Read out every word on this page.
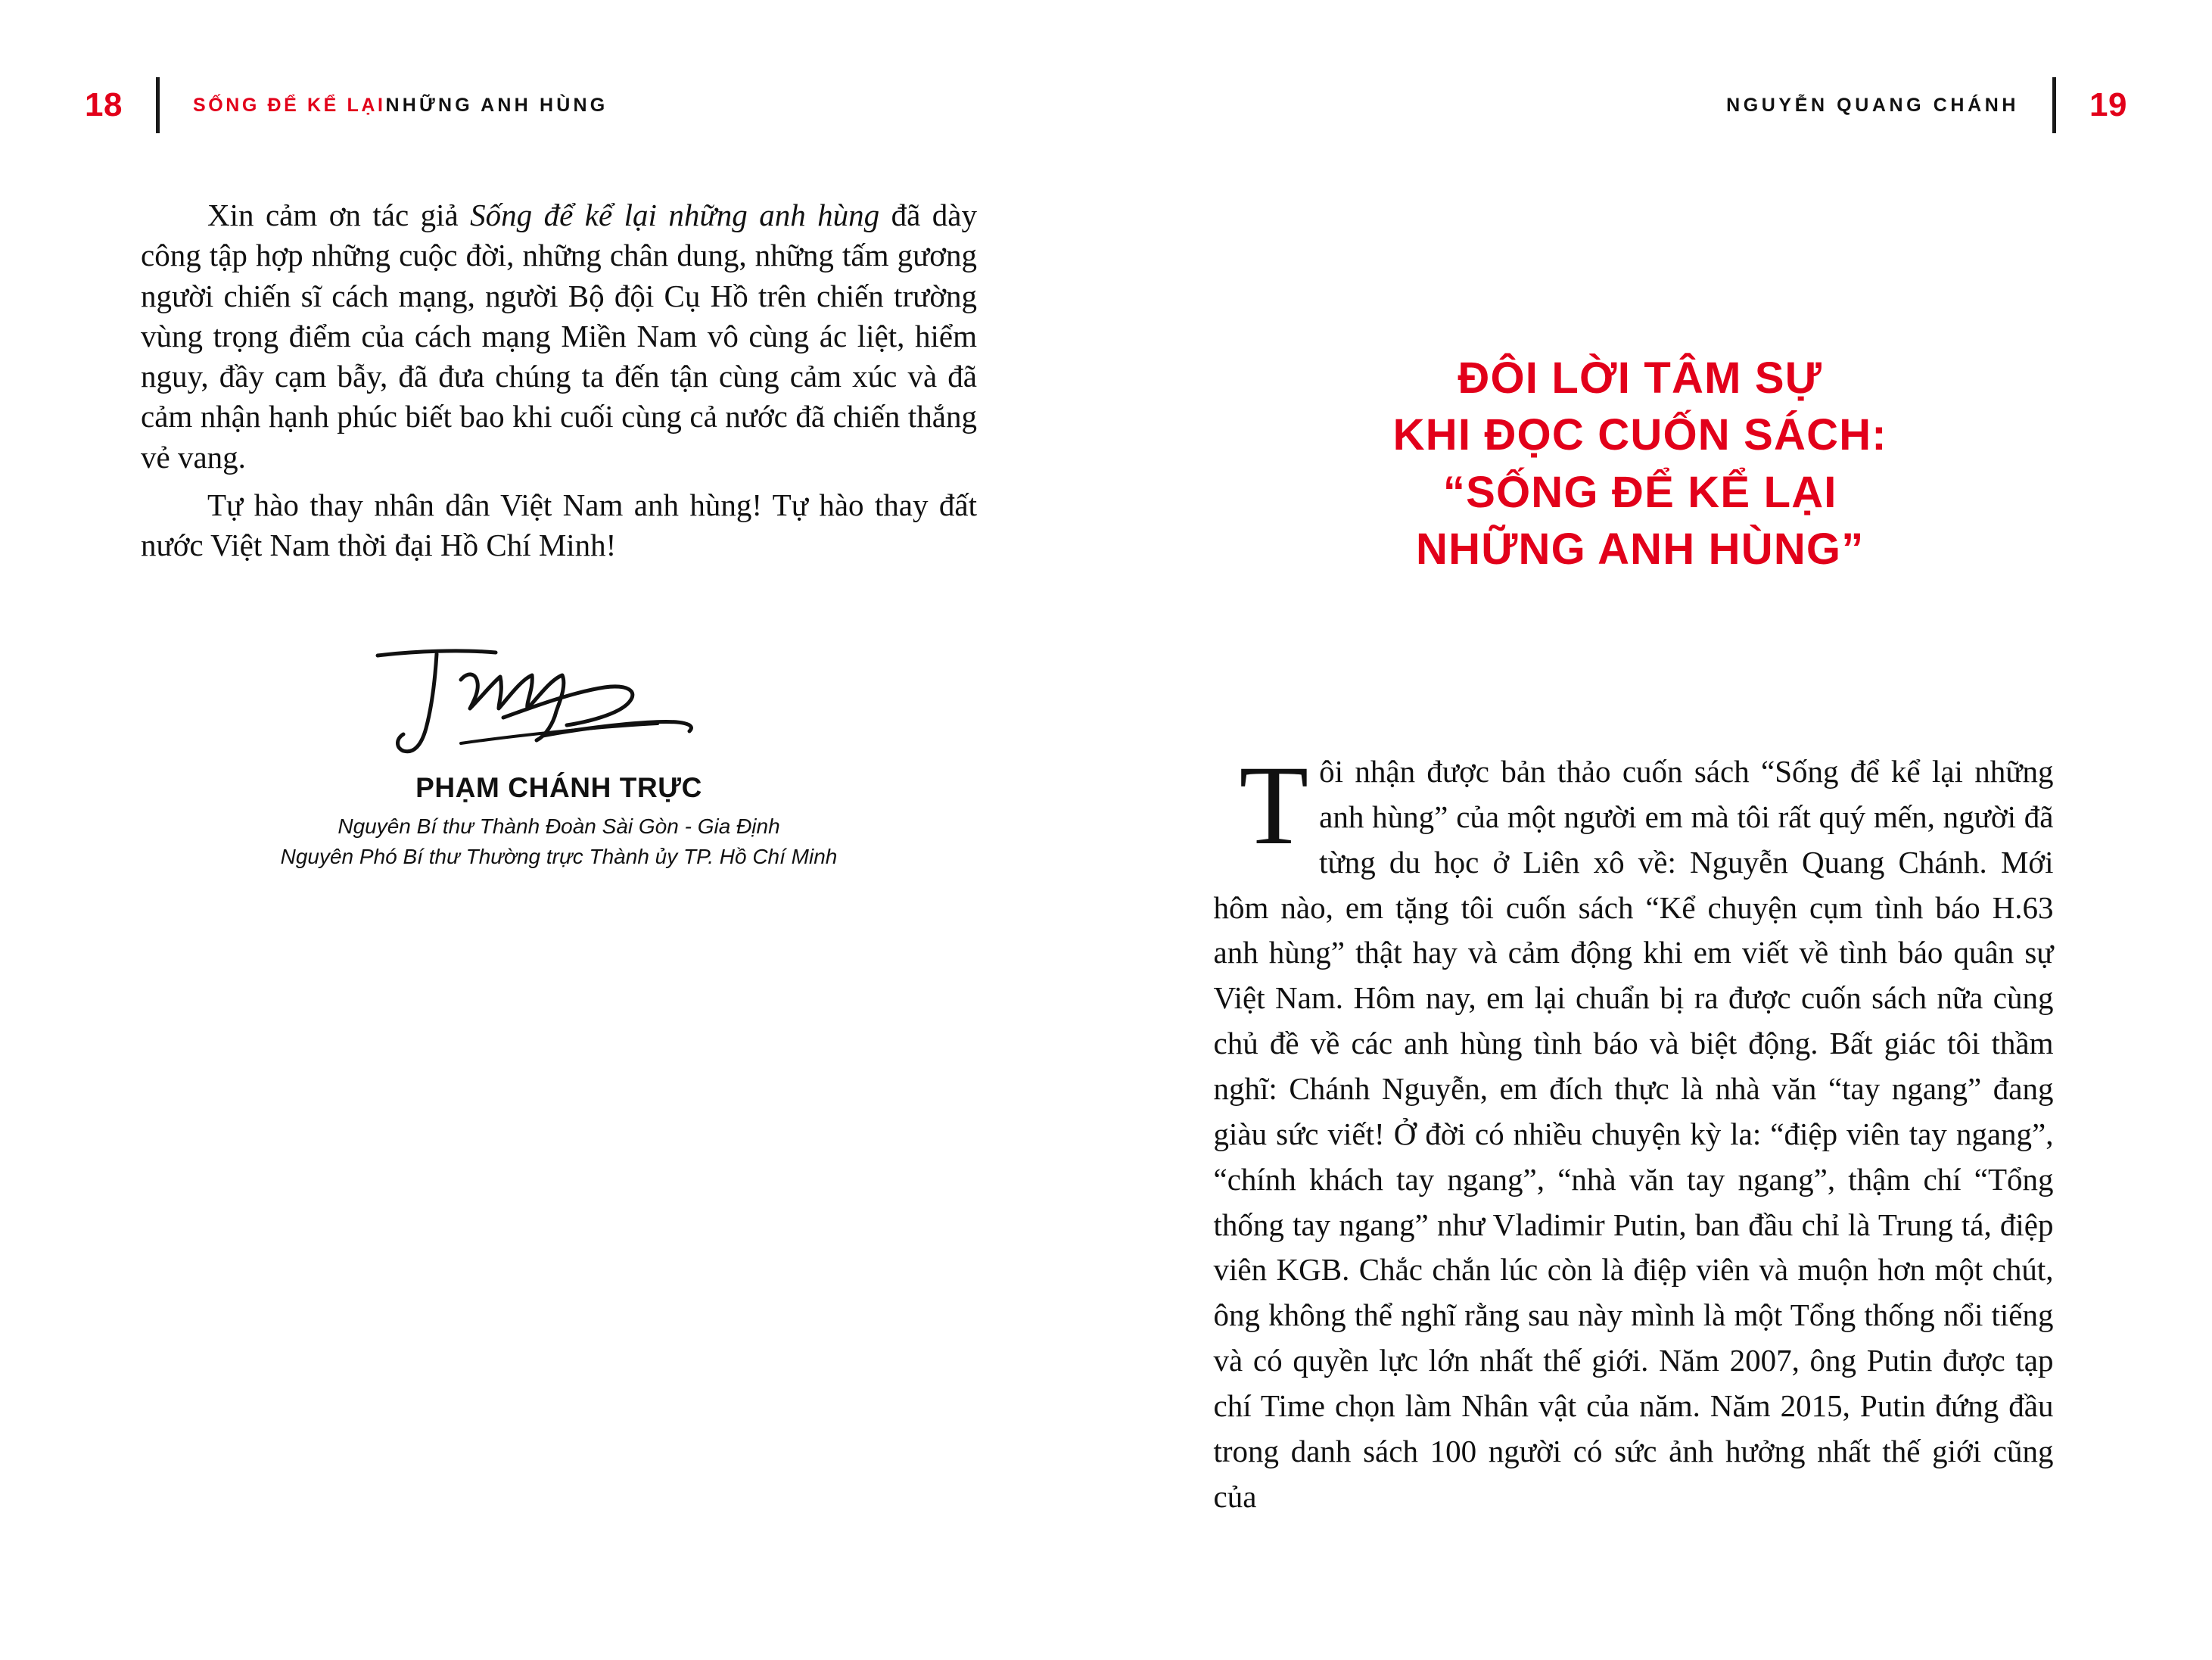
18	SỐNG ĐỂ KỂ LẠINHỮNG ANH HÙNG

Xin cảm ơn tác giả Sống để kể lại những anh hùng đã dày công tập hợp những cuộc đời, những chân dung, những tấm gương người chiến sĩ cách mạng, người Bộ đội Cụ Hồ trên chiến trường vùng trọng điểm của cách mạng Miền Nam vô cùng ác liệt, hiểm nguy, đầy cạm bẫy, đã đưa chúng ta đến tận cùng cảm xúc và đã cảm nhận hạnh phúc biết bao khi cuối cùng cả nước đã chiến thắng vẻ vang.

Tự hào thay nhân dân Việt Nam anh hùng! Tự hào thay đất nước Việt Nam thời đại Hồ Chí Minh!

PHẠM CHÁNH TRỰC
Nguyên Bí thư Thành Đoàn Sài Gòn - Gia Định
Nguyên Phó Bí thư Thường trực Thành ủy TP. Hồ Chí Minh
NGUYỄN QUANG CHÁNH 19
ĐÔI LỜI TÂM SỰ
KHI ĐỌC CUỐN SÁCH:
“SỐNG ĐỂ KỂ LẠI
NHỮNG ANH HÙNG”

Tôi nhận được bản thảo cuốn sách “Sống để kể lại những anh hùng” của một người em mà tôi rất quý mến, người đã từng du học ở Liên xô về: Nguyễn Quang Chánh. Mới hôm nào, em tặng tôi cuốn sách “Kể chuyện cụm tình báo H.63 anh hùng” thật hay và cảm động khi em viết về tình báo quân sự Việt Nam. Hôm nay, em lại chuẩn bị ra được cuốn sách nữa cùng chủ đề về các anh hùng tình báo và biệt động. Bất giác tôi thầm nghĩ: Chánh Nguyễn, em đích thực là nhà văn “tay ngang” đang giàu sức viết! Ở đời có nhiều chuyện kỳ la: “điệp viên tay ngang”, “chính khách tay ngang”, “nhà văn tay ngang”, thậm chí “Tổng thống tay ngang” như Vladimir Putin, ban đầu chỉ là Trung tá, điệp viên KGB. Chắc chắn lúc còn là điệp viên và muộn hơn một chút, ông không thể nghĩ rằng sau này mình là một Tổng thống nổi tiếng và có quyền lực lớn nhất thế giới. Năm 2007, ông Putin được tạp chí Time chọn làm Nhân vật của năm. Năm 2015, Putin đứng đầu trong danh sách 100 người có sức ảnh hưởng nhất thế giới cũng của
